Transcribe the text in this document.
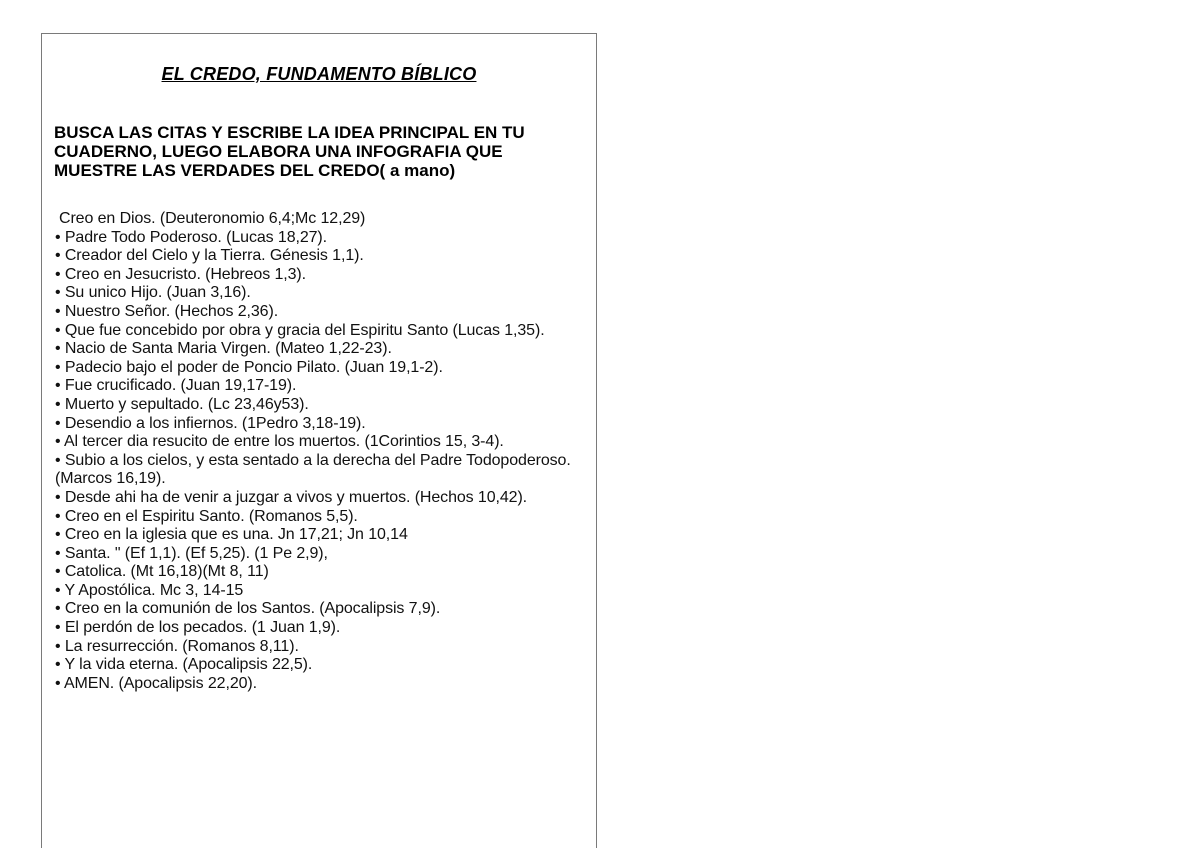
EL CREDO, FUNDAMENTO BÍBLICO
BUSCA LAS CITAS Y ESCRIBE LA IDEA PRINCIPAL EN TU CUADERNO, LUEGO ELABORA UNA INFOGRAFIA QUE MUESTRE LAS VERDADES DEL CREDO( a mano)
Creo en Dios. (Deuteronomio 6,4;Mc 12,29)
• Padre Todo Poderoso. (Lucas 18,27).
• Creador del Cielo y la Tierra. Génesis 1,1).
• Creo en Jesucristo. (Hebreos 1,3).
• Su unico Hijo. (Juan 3,16).
• Nuestro Señor. (Hechos 2,36).
• Que fue concebido por obra y gracia del Espiritu Santo (Lucas 1,35).
• Nacio de Santa Maria Virgen. (Mateo 1,22-23).
• Padecio bajo el poder de Poncio Pilato. (Juan 19,1-2).
• Fue crucificado. (Juan 19,17-19).
• Muerto y sepultado. (Lc 23,46y53).
• Desendio a los infiernos. (1Pedro 3,18-19).
• Al tercer dia resucito de entre los muertos. (1Corintios 15, 3-4).
• Subio a los cielos, y esta sentado a la derecha del Padre Todopoderoso. (Marcos 16,19).
• Desde ahi ha de venir a juzgar a vivos y muertos. (Hechos 10,42).
• Creo en el Espiritu Santo. (Romanos 5,5).
• Creo en la iglesia que es una. Jn 17,21; Jn 10,14
• Santa. " (Ef 1,1). (Ef 5,25). (1 Pe 2,9),
• Catolica. (Mt 16,18)(Mt 8, 11)
• Y Apostólica. Mc 3, 14-15
• Creo en la comunión de los Santos. (Apocalipsis 7,9).
• El perdón de los pecados. (1 Juan 1,9).
• La resurrección. (Romanos 8,11).
• Y la vida eterna. (Apocalipsis 22,5).
• AMEN. (Apocalipsis 22,20).
